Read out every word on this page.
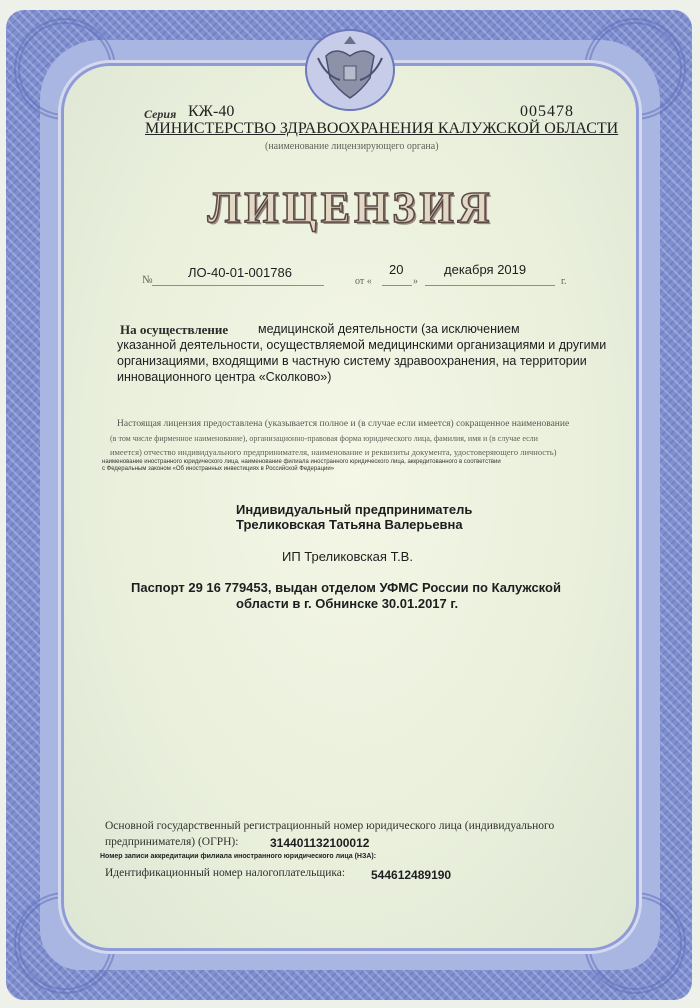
Серия КЖ-40	005478
МИНИСТЕРСТВО ЗДРАВООХРАНЕНИЯ КАЛУЖСКОЙ ОБЛАСТИ
(наименование лицензирующего органа)
ЛИЦЕНЗИЯ
№	ЛО-40-01-001786
от «
20
»
декабря 2019
г.
На осуществление медицинской деятельности (за исключением
указанной деятельности, осуществляемой медицинскими организациями и другими
организациями, входящими в частную систему здравоохранения, на территории
инновационного центра «Сколково»)
Настоящая лицензия предоставлена (указывается полное и (в случае если имеется) сокращенное наименование
(в том числе фирменное наименование), организационно-правовая форма юридического лица, фамилия, имя и (в случае если
имеется) отчество индивидуального предпринимателя, наименование и реквизиты документа, удостоверяющего личность)
наименование иностранного юридического лица, наименование филиала иностранного юридического лица, аккредитованного в соответствии
с Федеральным законом «Об иностранных инвестициях в Российской Федерации»
Индивидуальный предприниматель
Треликовская Татьяна Валерьевна
ИП Треликовская Т.В.
Паспорт 29 16 779453, выдан отделом УФМС России по Калужской
области в г. Обнинске 30.01.2017 г.
Основной государственный регистрационный номер юридического лица (индивидуального
предпринимателя) (ОГРН):	314401132100012
Номер записи аккредитации филиала иностранного юридического лица (НЗА):
Идентификационный номер налогоплательщика: 544612489190
